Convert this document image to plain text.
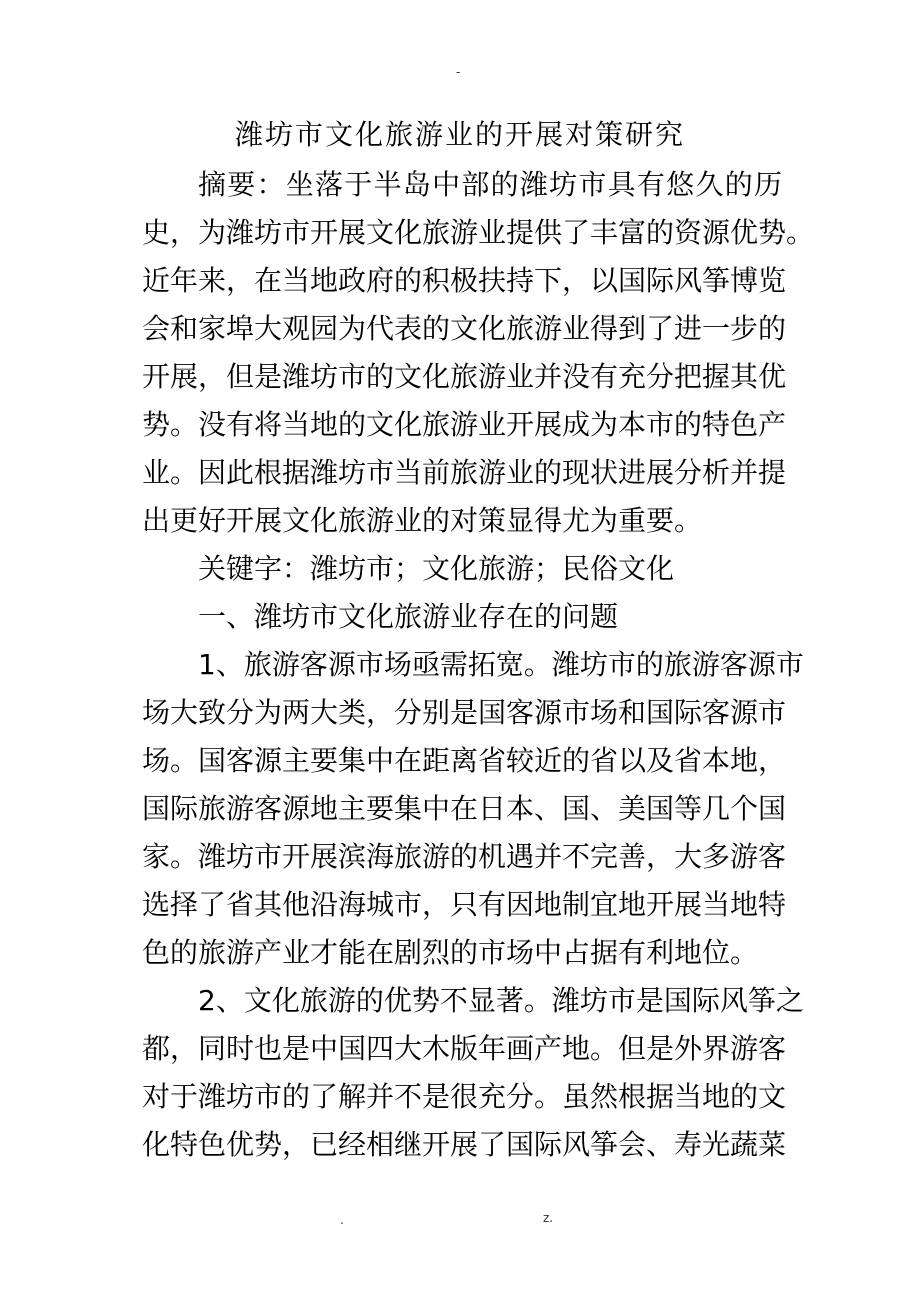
-
潍坊市文化旅游业的开展对策研究
摘要：坐落于半岛中部的潍坊市具有悠久的历
史，为潍坊市开展文化旅游业提供了丰富的资源优势。
近年来，在当地政府的积极扶持下，以国际风筝博览
会和家埠大观园为代表的文化旅游业得到了进一步的
开展，但是潍坊市的文化旅游业并没有充分把握其优
势。没有将当地的文化旅游业开展成为本市的特色产
业。因此根据潍坊市当前旅游业的现状进展分析并提
出更好开展文化旅游业的对策显得尤为重要。
关键字：潍坊市；文化旅游；民俗文化
一、潍坊市文化旅游业存在的问题
1、旅游客源市场亟需拓宽。潍坊市的旅游客源市
场大致分为两大类，分别是国客源市场和国际客源市
场。国客源主要集中在距离省较近的省以及省本地，
国际旅游客源地主要集中在日本、国、美国等几个国
家。潍坊市开展滨海旅游的机遇并不完善，大多游客
选择了省其他沿海城市，只有因地制宜地开展当地特
色的旅游产业才能在剧烈的市场中占据有利地位。
2、文化旅游的优势不显著。潍坊市是国际风筝之
都，同时也是中国四大木版年画产地。但是外界游客
对于潍坊市的了解并不是很充分。虽然根据当地的文
化特色优势，已经相继开展了国际风筝会、寿光蔬菜
.	z.
